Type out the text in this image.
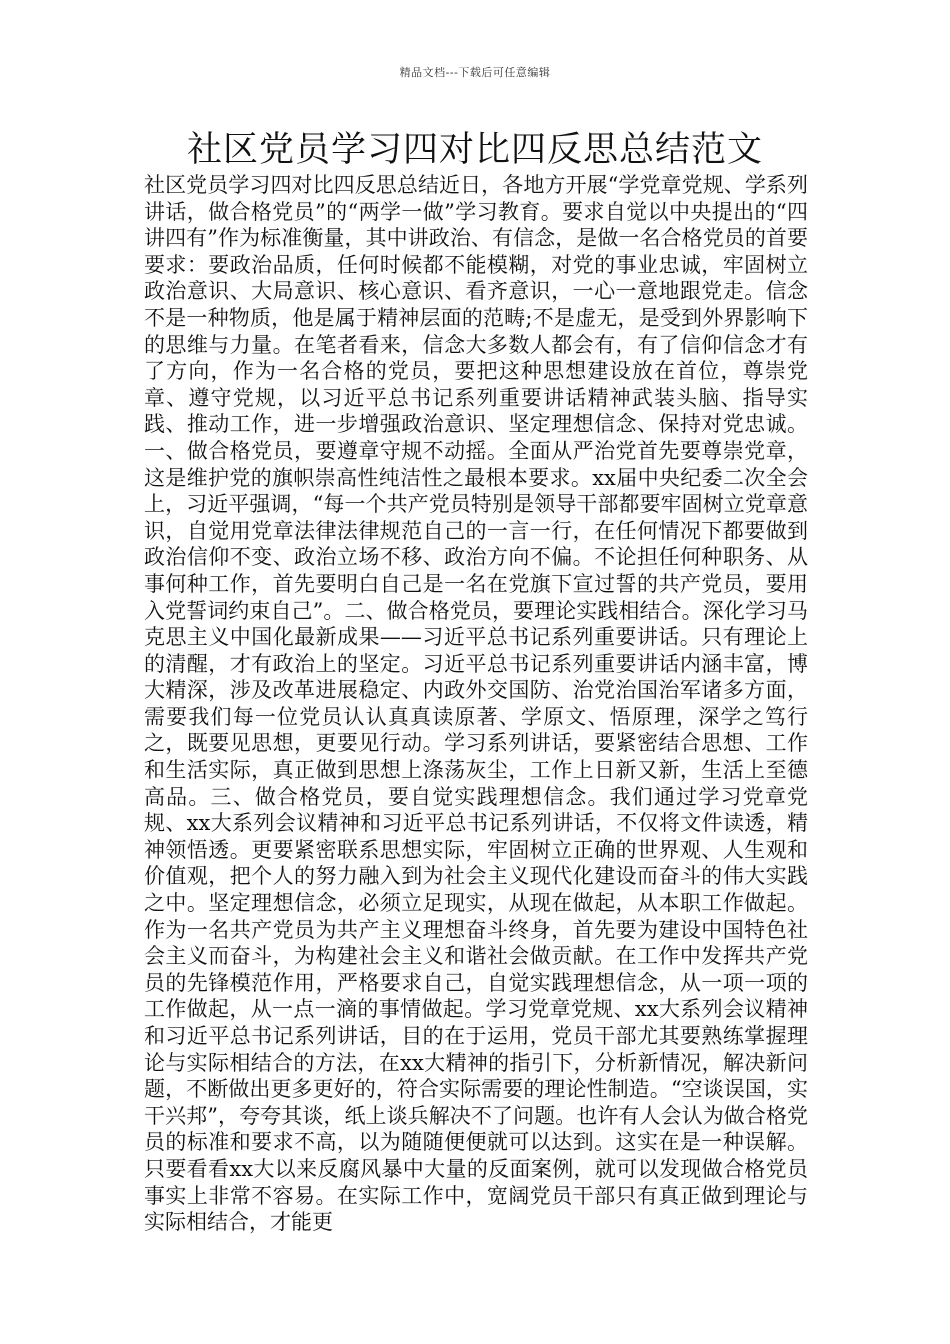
精品文档---下载后可任意编辑
社区党员学习四对比四反思总结范文

社区党员学习四对比四反思总结近日，各地方开展“学党章党规、学系列讲话，做合格党员”的“两学一做”学习教育。要求自觉以中央提出的“四讲四有”作为标准衡量，其中讲政治、有信念，是做一名合格党员的首要要求：要政治品质，任何时候都不能模糊，对党的事业忠诚，牢固树立政治意识、大局意识、核心意识、看齐意识，一心一意地跟党走。信念不是一种物质，他是属于精神层面的范畴;不是虚无，是受到外界影响下的思维与力量。在笔者看来，信念大多数人都会有，有了信仰信念才有了方向，作为一名合格的党员，要把这种思想建设放在首位，尊崇党章、遵守党规，以习近平总书记系列重要讲话精神武装头脑、指导实践、推动工作，进一步增强政治意识、坚定理想信念、保持对党忠诚。一、做合格党员，要遵章守规不动摇。全面从严治党首先要尊崇党章，这是维护党的旗帜崇高性纯洁性之最根本要求。xx届中央纪委二次全会上，习近平强调，“每一个共产党员特别是领导干部都要牢固树立党章意识，自觉用党章法律法律规范自己的一言一行，在任何情况下都要做到政治信仰不变、政治立场不移、政治方向不偏。不论担任何种职务、从事何种工作，首先要明白自己是一名在党旗下宣过誓的共产党员，要用入党誓词约束自己”。二、做合格党员，要理论实践相结合。深化学习马克思主义中国化最新成果——习近平总书记系列重要讲话。只有理论上的清醒，才有政治上的坚定。习近平总书记系列重要讲话内涵丰富，博大精深，涉及改革进展稳定、内政外交国防、治党治国治军诸多方面，需要我们每一位党员认认真真读原著、学原文、悟原理，深学之笃行之，既要见思想，更要见行动。学习系列讲话，要紧密结合思想、工作和生活实际，真正做到思想上涤荡灰尘，工作上日新又新，生活上至德高品。三、做合格党员，要自觉实践理想信念。我们通过学习党章党规、xx大系列会议精神和习近平总书记系列讲话，不仅将文件读透，精神领悟透。更要紧密联系思想实际，牢固树立正确的世界观、人生观和价值观，把个人的努力融入到为社会主义现代化建设而奋斗的伟大实践之中。坚定理想信念，必须立足现实，从现在做起，从本职工作做起。作为一名共产党员为共产主义理想奋斗终身，首先要为建设中国特色社会主义而奋斗，为构建社会主义和谐社会做贡献。在工作中发挥共产党员的先锋模范作用，严格要求自己，自觉实践理想信念，从一项一项的工作做起，从一点一滴的事情做起。学习党章党规、xx大系列会议精神和习近平总书记系列讲话，目的在于运用，党员干部尤其要熟练掌握理论与实际相结合的方法，在xx大精神的指引下，分析新情况，解决新问题，不断做出更多更好的，符合实际需要的理论性制造。“空谈误国，实干兴邦”，夸夸其谈，纸上谈兵解决不了问题。也许有人会认为做合格党员的标准和要求不高，以为随随便便就可以达到。这实在是一种误解。只要看看xx大以来反腐风暴中大量的反面案例，就可以发现做合格党员事实上非常不容易。在实际工作中，宽阔党员干部只有真正做到理论与实际相结合，才能更
